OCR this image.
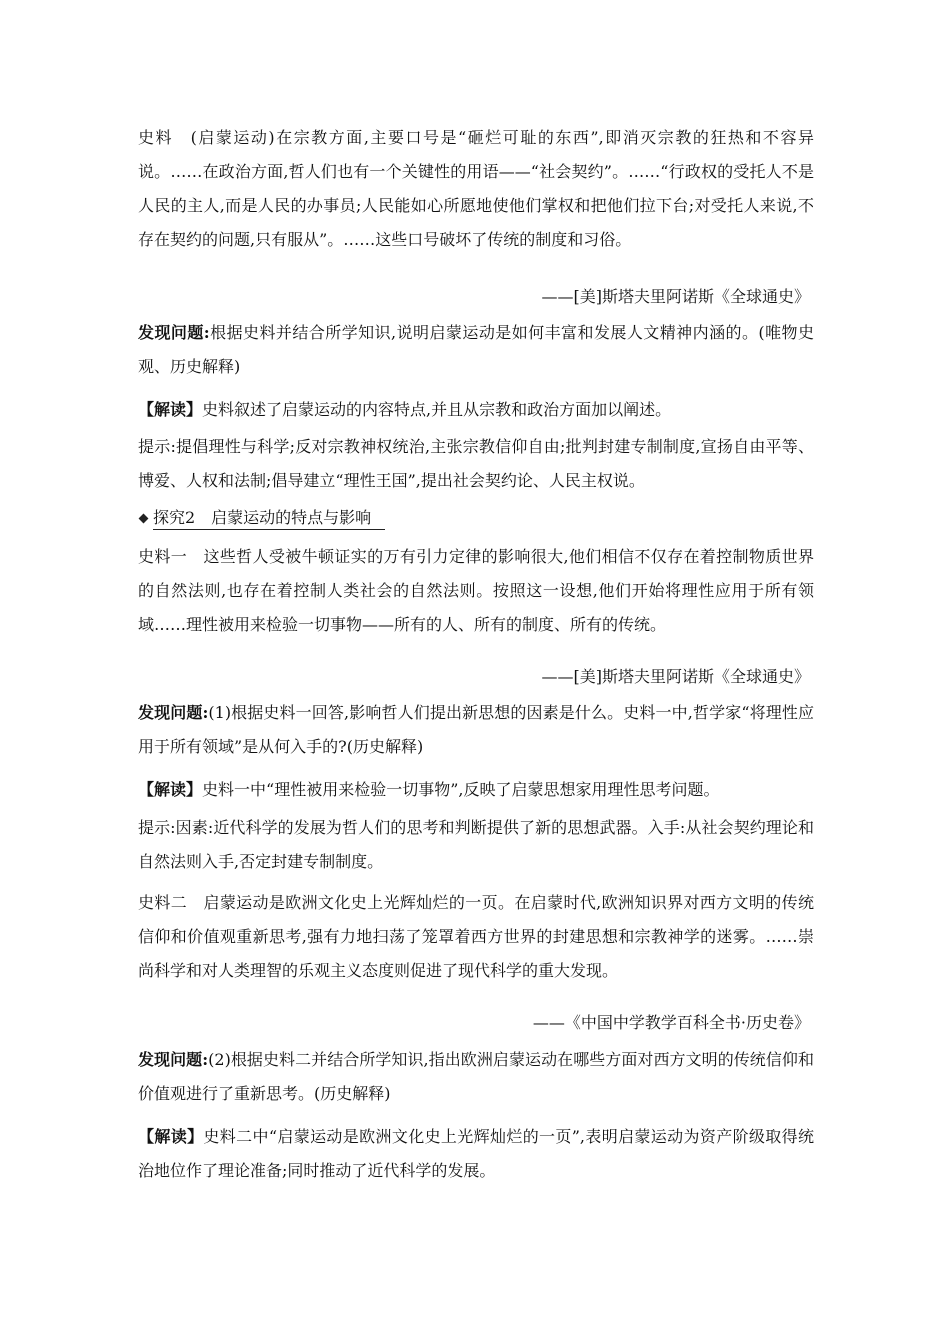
史料　(启蒙运动)在宗教方面,主要口号是“砸烂可耻的东西”,即消灭宗教的狂热和不容异说。……在政治方面,哲人们也有一个关键性的用语——“社会契约”。……“行政权的受托人不是人民的主人,而是人民的办事员;人民能如心所愿地使他们掌权和把他们拉下台;对受托人来说,不存在契约的问题,只有服从”。……这些口号破坏了传统的制度和习俗。

——[美]斯塔夫里阿诺斯《全球通史》

发现问题:根据史料并结合所学知识,说明启蒙运动是如何丰富和发展人文精神内涵的。(唯物史观、历史解释)

【解读】史料叙述了启蒙运动的内容特点,并且从宗教和政治方面加以阐述。

提示:提倡理性与科学;反对宗教神权统治,主张宗教信仰自由;批判封建专制制度,宣扬自由平等、博爱、人权和法制;倡导建立“理性王国”,提出社会契约论、人民主权说。

探究2　启蒙运动的特点与影响

史料一　这些哲人受被牛顿证实的万有引力定律的影响很大,他们相信不仅存在着控制物质世界的自然法则,也存在着控制人类社会的自然法则。按照这一设想,他们开始将理性应用于所有领域……理性被用来检验一切事物——所有的人、所有的制度、所有的传统。

——[美]斯塔夫里阿诺斯《全球通史》

发现问题:(1)根据史料一回答,影响哲人们提出新思想的因素是什么。史料一中,哲学家“将理性应用于所有领域”是从何入手的?(历史解释)

【解读】史料一中“理性被用来检验一切事物”,反映了启蒙思想家用理性思考问题。

提示:因素:近代科学的发展为哲人们的思考和判断提供了新的思想武器。入手:从社会契约理论和自然法则入手,否定封建专制制度。

史料二　启蒙运动是欧洲文化史上光辉灿烂的一页。在启蒙时代,欧洲知识界对西方文明的传统信仰和价值观重新思考,强有力地扫荡了笼罩着西方世界的封建思想和宗教神学的迷雾。……崇尚科学和对人类理智的乐观主义态度则促进了现代科学的重大发现。

——《中国中学教学百科全书·历史卷》

发现问题:(2)根据史料二并结合所学知识,指出欧洲启蒙运动在哪些方面对西方文明的传统信仰和价值观进行了重新思考。(历史解释)

【解读】史料二中“启蒙运动是欧洲文化史上光辉灿烂的一页”,表明启蒙运动为资产阶级取得统治地位作了理论准备;同时推动了近代科学的发展。
